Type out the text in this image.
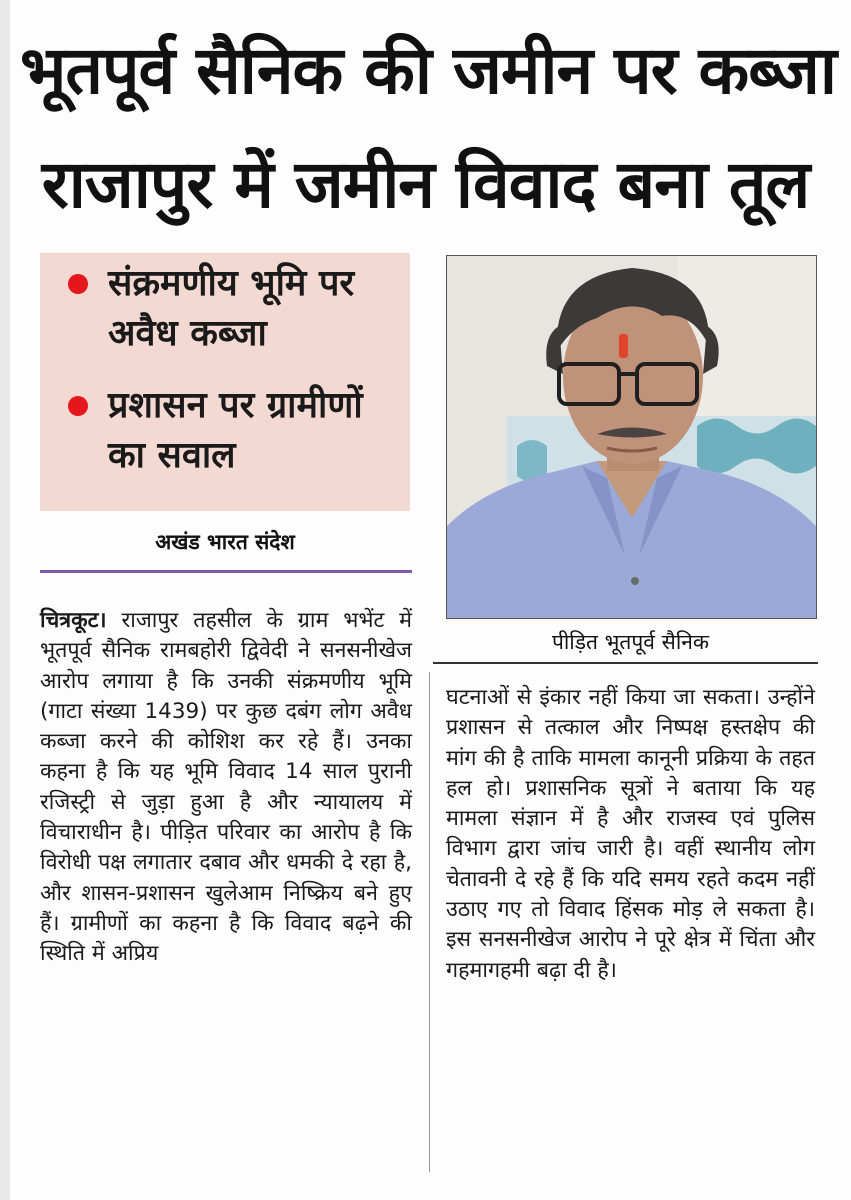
भूतपूर्व सैनिक की जमीन पर कब्जा
राजापुर में जमीन विवाद बना तूल
संक्रमणीय भूमि पर अवैध कब्जा
प्रशासन पर ग्रामीणों का सवाल
अखंड भारत संदेश
पीड़ित भूतपूर्व सैनिक
चित्रकूट। राजापुर तहसील के ग्राम भभेंट में भूतपूर्व सैनिक रामबहोरी द्विवेदी ने सनसनीखेज आरोप लगाया है कि उनकी संक्रमणीय भूमि (गाटा संख्या 1439) पर कुछ दबंग लोग अवैध कब्जा करने की कोशिश कर रहे हैं। उनका कहना है कि यह भूमि विवाद 14 साल पुरानी रजिस्ट्री से जुड़ा हुआ है और न्यायालय में विचाराधीन है। पीड़ित परिवार का आरोप है कि विरोधी पक्ष लगातार दबाव और धमकी दे रहा है, और शासन-प्रशासन खुलेआम निष्क्रिय बने हुए हैं। ग्रामीणों का कहना है कि विवाद बढ़ने की स्थिति में अप्रिय
घटनाओं से इंकार नहीं किया जा सकता। उन्होंने प्रशासन से तत्काल और निष्पक्ष हस्तक्षेप की मांग की है ताकि मामला कानूनी प्रक्रिया के तहत हल हो। प्रशासनिक सूत्रों ने बताया कि यह मामला संज्ञान में है और राजस्व एवं पुलिस विभाग द्वारा जांच जारी है। वहीं स्थानीय लोग चेतावनी दे रहे हैं कि यदि समय रहते कदम नहीं उठाए गए तो विवाद हिंसक मोड़ ले सकता है। इस सनसनीखेज आरोप ने पूरे क्षेत्र में चिंता और गहमागहमी बढ़ा दी है।
